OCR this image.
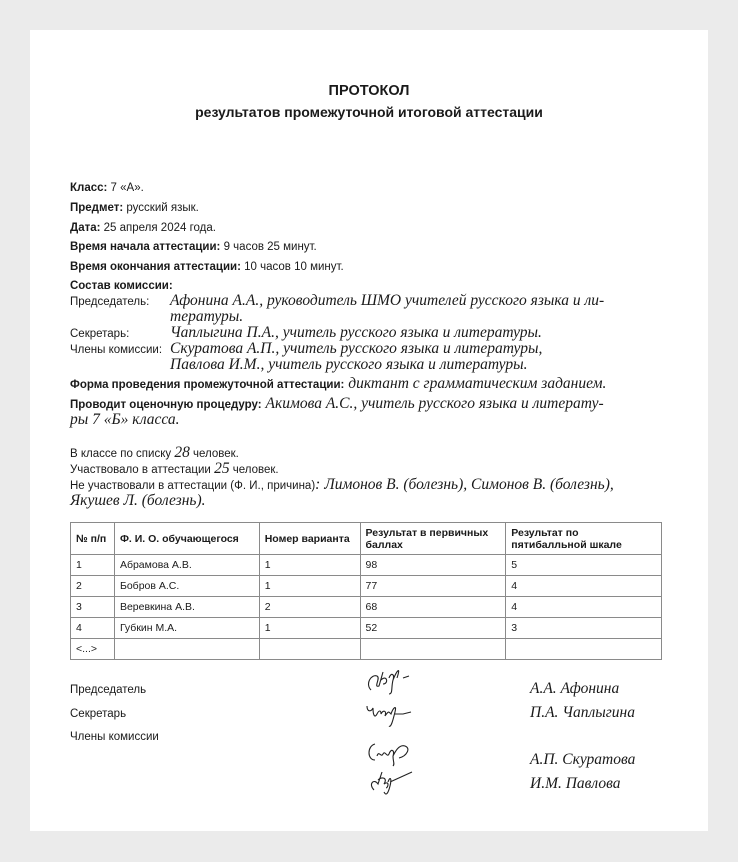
ПРОТОКОЛ
результатов промежуточной итоговой аттестации
Класс: 7 «А».
Предмет: русский язык.
Дата: 25 апреля 2024 года.
Время начала аттестации: 9 часов 25 минут.
Время окончания аттестации: 10 часов 10 минут.
Состав комиссии:
Председатель: Афонина А.А., руководитель ШМО учителей русского языка и ли-
тературы.
Секретарь:	Чаплыгина П.А., учитель русского языка и литературы.
Члены комиссии: Скуратова А.П., учитель русского языка и литературы,
Павлова И.М., учитель русского языка и литературы.
Форма проведения промежуточной аттестации: диктант с грамматическим заданием.
Проводит оценочную процедуру: Акимова А.С., учитель русского языка и литерату-
ры 7 «Б» класса.
В классе по списку 28 человек.
Участвовало в аттестации 25 человек.
Не участвовали в аттестации (Ф. И., причина): Лимонов В. (болезнь), Симонов В. (болезнь),
Якушев Л. (болезнь).
№ п/п	Ф. И. О. обучающегося	Номер варианта	Результат в первичных баллах	Результат по пятибалльной шкале
1	Абрамова А.В.	1	98	5
2	Бобров А.С.	1	77	4
3	Веревкина А.В.	2	68	4
4	Губкин М.А.	1	52	3
<...>				
Председатель
Секретарь
Члены комиссии
А.А. Афонина
П.А. Чаплыгина
А.П. Скуратова
И.М. Павлова
